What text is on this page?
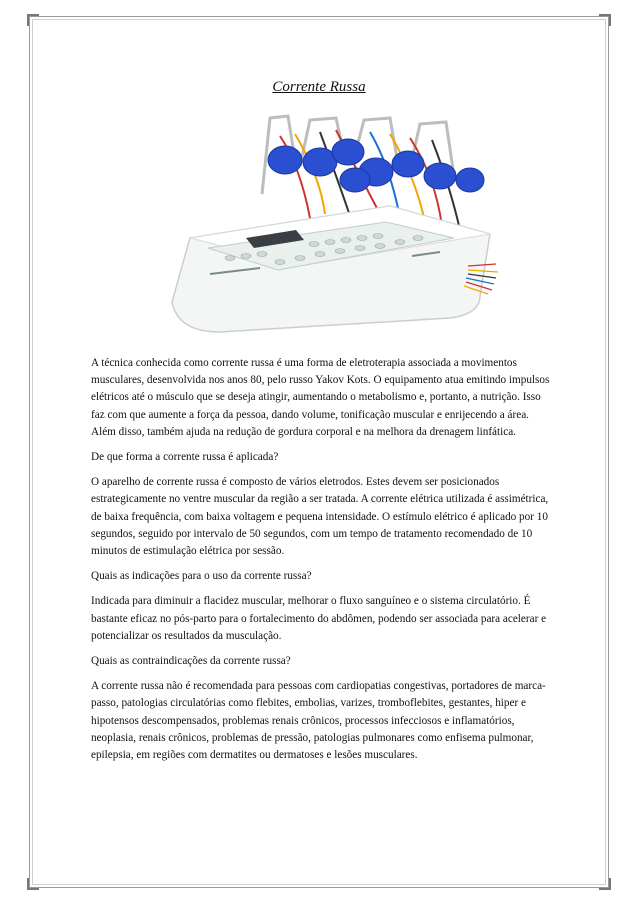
Corrente Russa

A técnica conhecida como corrente russa é uma forma de eletroterapia associada a movimentos musculares, desenvolvida nos anos 80, pelo russo Yakov Kots. O equipamento atua emitindo impulsos elétricos até o músculo que se deseja atingir, aumentando o metabolismo e, portanto, a nutrição. Isso faz com que aumente a força da pessoa, dando volume, tonificação muscular e enrijecendo a área. Além disso, também ajuda na redução de gordura corporal e na melhora da drenagem linfática.

De que forma a corrente russa é aplicada?

O aparelho de corrente russa é composto de vários eletrodos. Estes devem ser posicionados estrategicamente no ventre muscular da região a ser tratada. A corrente elétrica utilizada é assimétrica, de baixa frequência, com baixa voltagem e pequena intensidade. O estímulo elétrico é aplicado por 10 segundos, seguido por intervalo de 50 segundos, com um tempo de tratamento recomendado de 10 minutos de estimulação elétrica por sessão.

Quais as indicações para o uso da corrente russa?

Indicada para diminuir a flacidez muscular, melhorar o fluxo sanguíneo e o sistema circulatório. É bastante eficaz no pós-parto para o fortalecimento do abdômen, podendo ser associada para acelerar e potencializar os resultados da musculação.

Quais as contraindicações da corrente russa?

A corrente russa não é recomendada para pessoas com cardiopatias congestivas, portadores de marca-passo, patologias circulatórias como flebites, embolias, varizes, tromboflebites, gestantes, hiper e hipotensos descompensados, problemas renais crônicos, processos infecciosos e inflamatórios, neoplasia, renais crônicos, problemas de pressão, patologias pulmonares como enfisema pulmonar, epilepsia, em regiões com dermatites ou dermatoses e lesões musculares.
